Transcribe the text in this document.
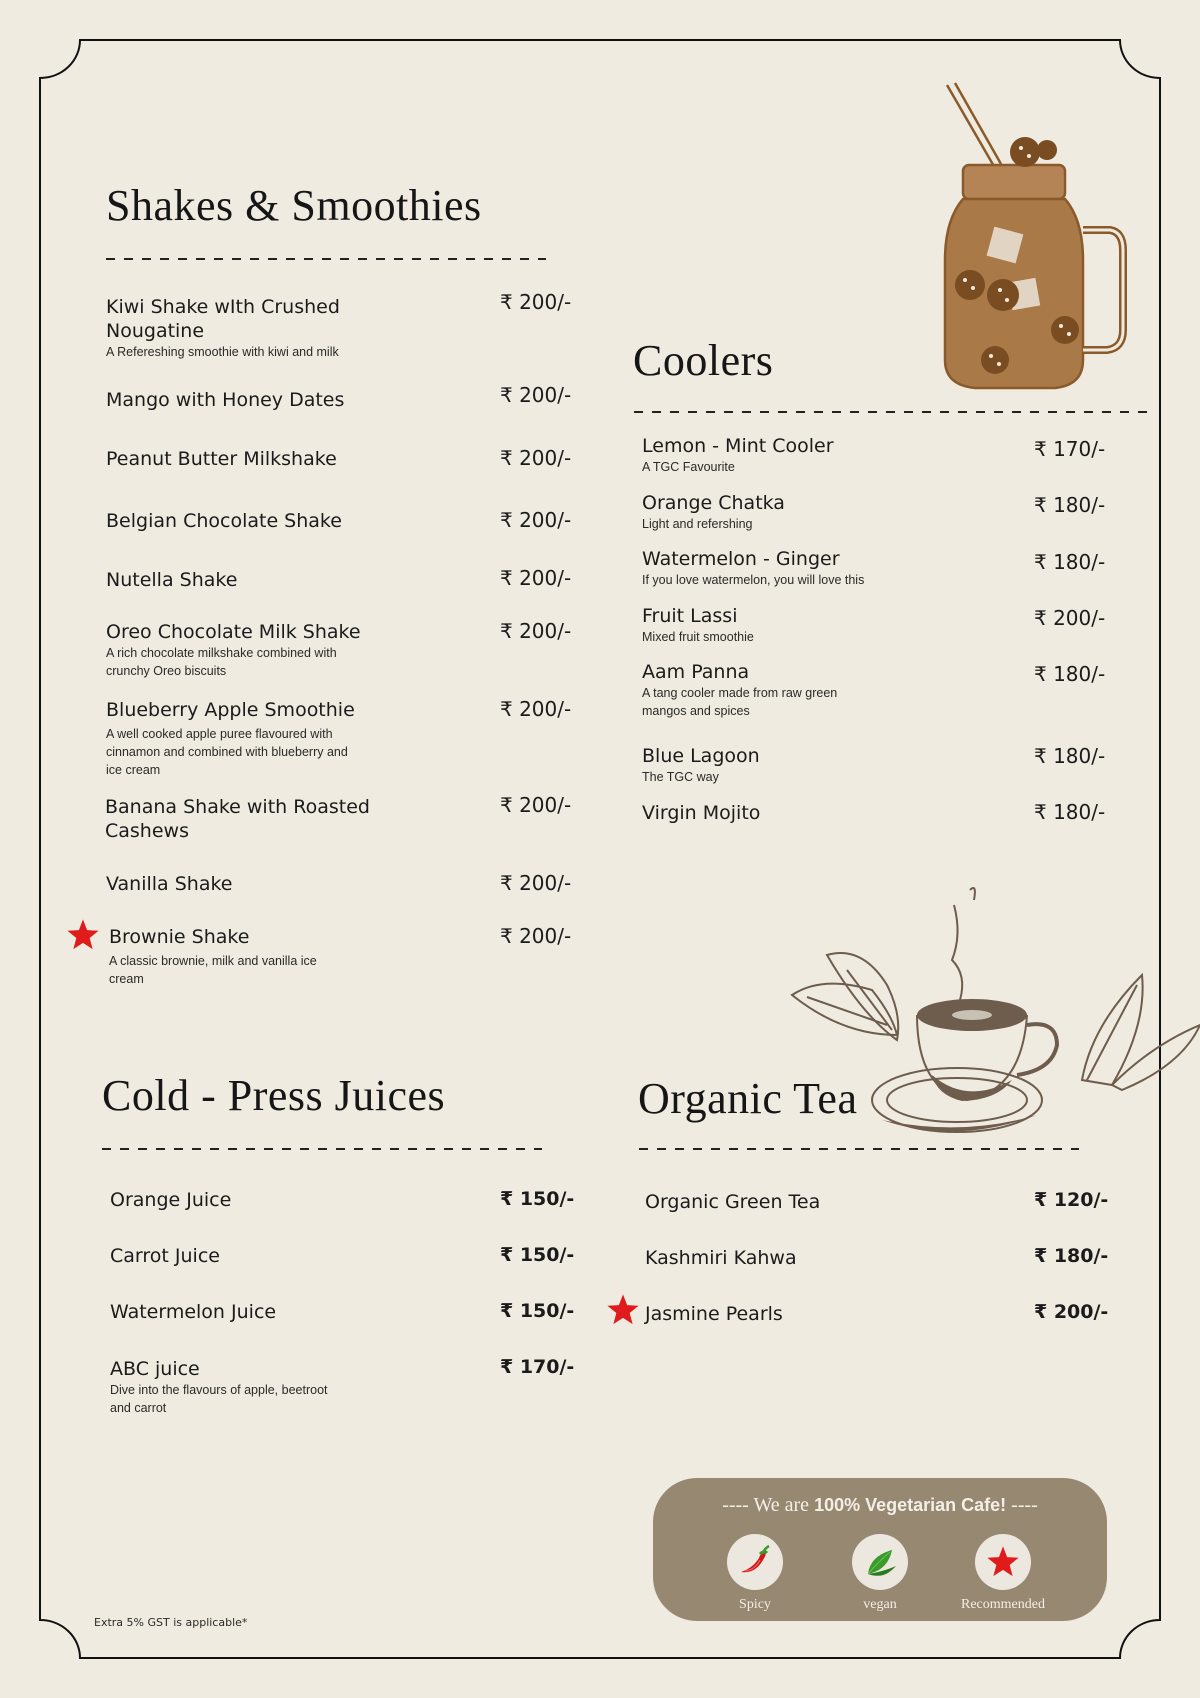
Shakes & Smoothies
Kiwi Shake wIth Crushed
Nougatine
A Refereshing smoothie with kiwi and milk
₹ 200/-
Mango with Honey Dates	₹ 200/-
Peanut Butter Milkshake	₹ 200/-
Belgian Chocolate Shake	₹ 200/-
Nutella Shake	₹ 200/-
Oreo Chocolate Milk Shake
A rich chocolate milkshake combined with
crunchy Oreo biscuits
₹ 200/-
Blueberry Apple Smoothie
A well cooked apple puree flavoured with
cinnamon and combined with blueberry and
ice cream
₹ 200/-
Banana Shake with Roasted
Cashews
₹ 200/-
Vanilla Shake	₹ 200/-
Brownie Shake
A classic brownie, milk and vanilla ice
cream
₹ 200/-
Coolers
Lemon - Mint Cooler
A TGC Favourite
₹ 170/-
Orange Chatka
Light and refershing
₹ 180/-
Watermelon - Ginger
If you love watermelon, you will love this
₹ 180/-
Fruit Lassi
Mixed fruit smoothie
₹ 200/-
Aam Panna
A tang cooler made from raw green
mangos and spices
₹ 180/-
Blue Lagoon
The TGC way
₹ 180/-
Virgin Mojito	₹ 180/-
Cold - Press Juices
Orange Juice	₹ 150/-
Carrot Juice	₹ 150/-
Watermelon Juice	₹ 150/-
ABC juice
Dive into the flavours of apple, beetroot
and carrot
₹ 170/-
Organic Tea
Organic Green Tea	₹ 120/-
Kashmiri Kahwa	₹ 180/-
Jasmine Pearls	₹ 200/-
---- We are 100% Vegetarian Cafe! ----
Spicy	vegan	Recommended
Extra 5% GST is applicable*
